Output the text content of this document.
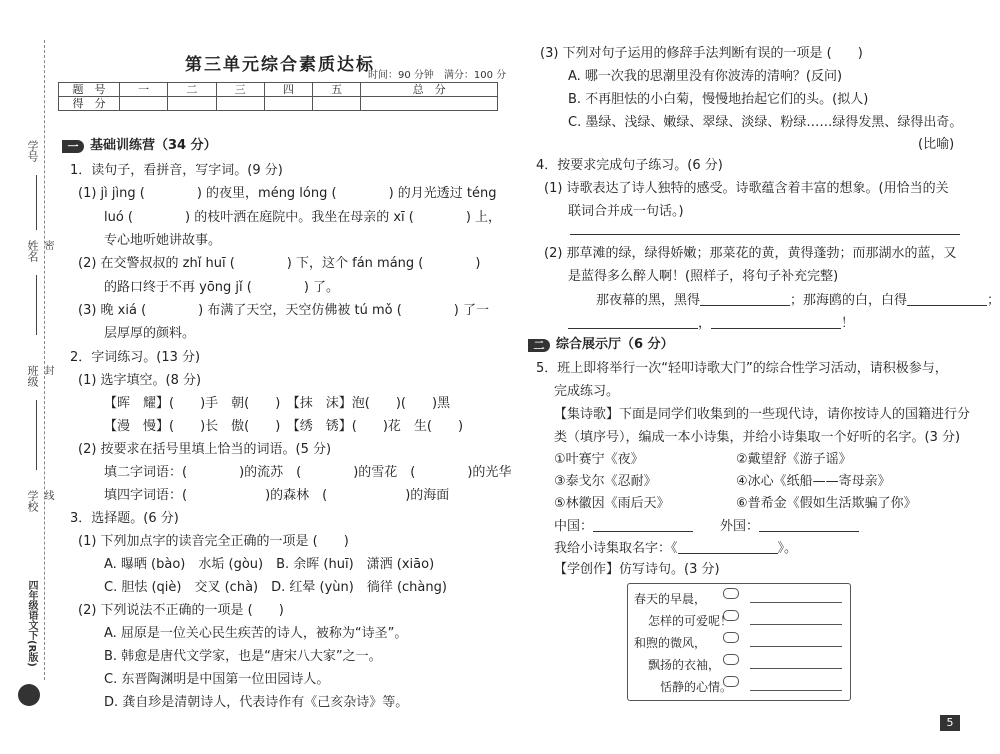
学号
姓名 密
班级 封
学校 线
四年级语文下(R版)
第三单元综合素质达标
时间：90 分钟　满分：100 分
题　号	一	二	三	四	五	总　分
得　分						
一 基础训练营（34 分）
1．读句子，看拼音，写字词。(9 分)
(1) jì jìng (　　　　) 的夜里，méng lóng (　　　　) 的月光透过 téng
luó (　　　　) 的枝叶洒在庭院中。我坐在母亲的 xī (　　　　) 上，
专心地听她讲故事。
(2) 在交警叔叔的 zhǐ huī (　　　　) 下，这个 fán máng (　　　　)
的路口终于不再 yōng jǐ (　　　　) 了。
(3) 晚 xiá (　　　　) 布满了天空，天空仿佛被 tú mǒ (　　　　) 了一
层厚厚的颜料。
2．字词练习。(13 分)
(1) 选字填空。(8 分)
【晖　耀】(　　)手　朝(　　)　【抹　沫】泡(　　)(　　)黑
【漫　慢】(　　)长　傲(　　)　【绣　锈】(　　)花　生(　　)
(2) 按要求在括号里填上恰当的词语。(5 分)
填二字词语：(　　　　)的流苏　(　　　　)的雪花　(　　　　)的光华
填四字词语：(　　　　　　)的森林　(　　　　　　)的海面
3．选择题。(6 分)
(1) 下列加点字的读音完全正确的一项是 (　　)
A. 曝晒 (bào)　水垢 (gòu)　B. 余晖 (huī)　潇洒 (xiāo)
C. 胆怯 (qiè)　交叉 (chà)　D. 红晕 (yùn)　徜徉 (chàng)
(2) 下列说法不正确的一项是 (　　)
A. 屈原是一位关心民生疾苦的诗人，被称为“诗圣”。
B. 韩愈是唐代文学家，也是“唐宋八大家”之一。
C. 东晋陶渊明是中国第一位田园诗人。
D. 龚自珍是清朝诗人，代表诗作有《己亥杂诗》等。
(3) 下列对句子运用的修辞手法判断有误的一项是 (　　)
A. 哪一次我的思潮里没有你波涛的清响？(反问)
B. 不再胆怯的小白菊，慢慢地抬起它们的头。(拟人)
C. 墨绿、浅绿、嫩绿、翠绿、淡绿、粉绿……绿得发黑、绿得出奇。
(比喻)
4．按要求完成句子练习。(6 分)
(1) 诗歌表达了诗人独特的感受。诗歌蕴含着丰富的想象。(用恰当的关
联词合并成一句话。)
(2) 那草滩的绿，绿得娇嫩；那菜花的黄，黄得蓬勃；而那湖水的蓝，又
是蓝得多么醉人啊！(照样子，将句子补充完整)
那夜幕的黑，黑得	；那海鸥的白，白得	；
，	！
二 综合展示厅（6 分）
5．班上即将举行一次“轻叩诗歌大门”的综合性学习活动，请积极参与，
完成练习。
【集诗歌】下面是同学们收集到的一些现代诗，请你按诗人的国籍进行分
类（填序号），编成一本小诗集，并给小诗集取一个好听的名字。(3 分)
①叶赛宁《夜》	②戴望舒《游子谣》
③泰戈尔《忍耐》	④冰心《纸船——寄母亲》
⑤林徽因《雨后天》	⑥普希金《假如生活欺骗了你》
中国：	外国：
我给小诗集取名字：《	》。
【学创作】仿写诗句。(3 分)
春天的早晨，
怎样的可爱呢！
和煦的微风，
飘扬的衣袖，
恬静的心情。
5
